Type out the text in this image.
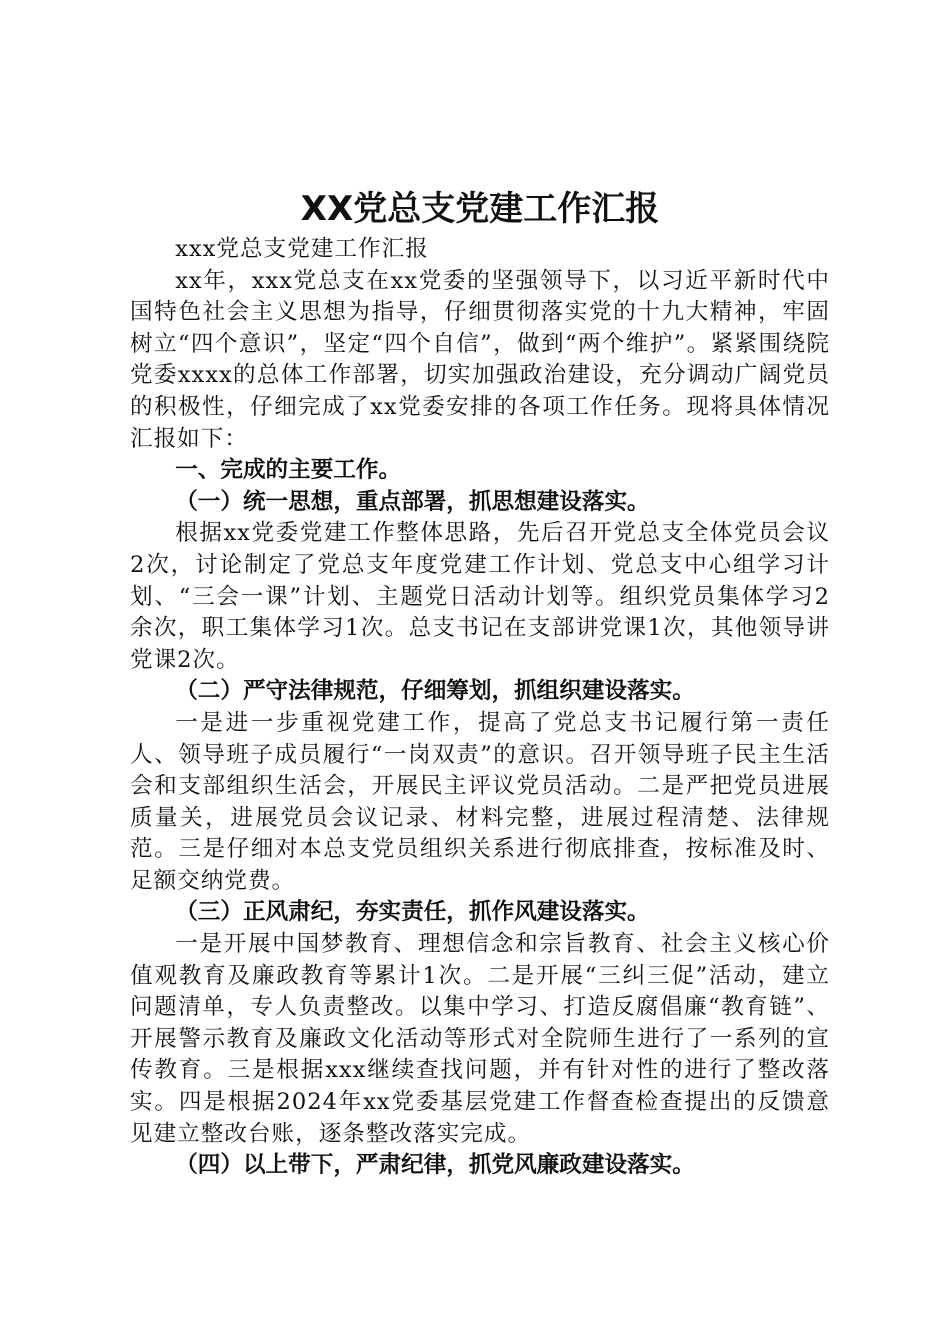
XX党总支党建工作汇报

xxx党总支党建工作汇报

xx年，xxx党总支在xx党委的坚强领导下，以习近平新时代中国特色社会主义思想为指导，仔细贯彻落实党的十九大精神，牢固树立“四个意识”，坚定“四个自信”，做到“两个维护”。紧紧围绕院党委xxxx的总体工作部署，切实加强政治建设，充分调动广阔党员的积极性，仔细完成了xx党委安排的各项工作任务。现将具体情况汇报如下：

一、完成的主要工作。

（一）统一思想，重点部署，抓思想建设落实。

根据xx党委党建工作整体思路，先后召开党总支全体党员会议2次，讨论制定了党总支年度党建工作计划、党总支中心组学习计划、“三会一课”计划、主题党日活动计划等。组织党员集体学习2余次，职工集体学习1次。总支书记在支部讲党课1次，其他领导讲党课2次。

（二）严守法律规范，仔细筹划，抓组织建设落实。

一是进一步重视党建工作，提高了党总支书记履行第一责任人、领导班子成员履行“一岗双责”的意识。召开领导班子民主生活会和支部组织生活会，开展民主评议党员活动。二是严把党员进展质量关，进展党员会议记录、材料完整，进展过程清楚、法律规范。三是仔细对本总支党员组织关系进行彻底排查，按标准及时、足额交纳党费。

（三）正风肃纪，夯实责任，抓作风建设落实。

一是开展中国梦教育、理想信念和宗旨教育、社会主义核心价值观教育及廉政教育等累计1次。二是开展“三纠三促”活动，建立问题清单，专人负责整改。以集中学习、打造反腐倡廉“教育链”、开展警示教育及廉政文化活动等形式对全院师生进行了一系列的宣传教育。三是根据xxx继续查找问题，并有针对性的进行了整改落实。四是根据2024年xx党委基层党建工作督查检查提出的反馈意见建立整改台账，逐条整改落实完成。

（四）以上带下，严肃纪律，抓党风廉政建设落实。
